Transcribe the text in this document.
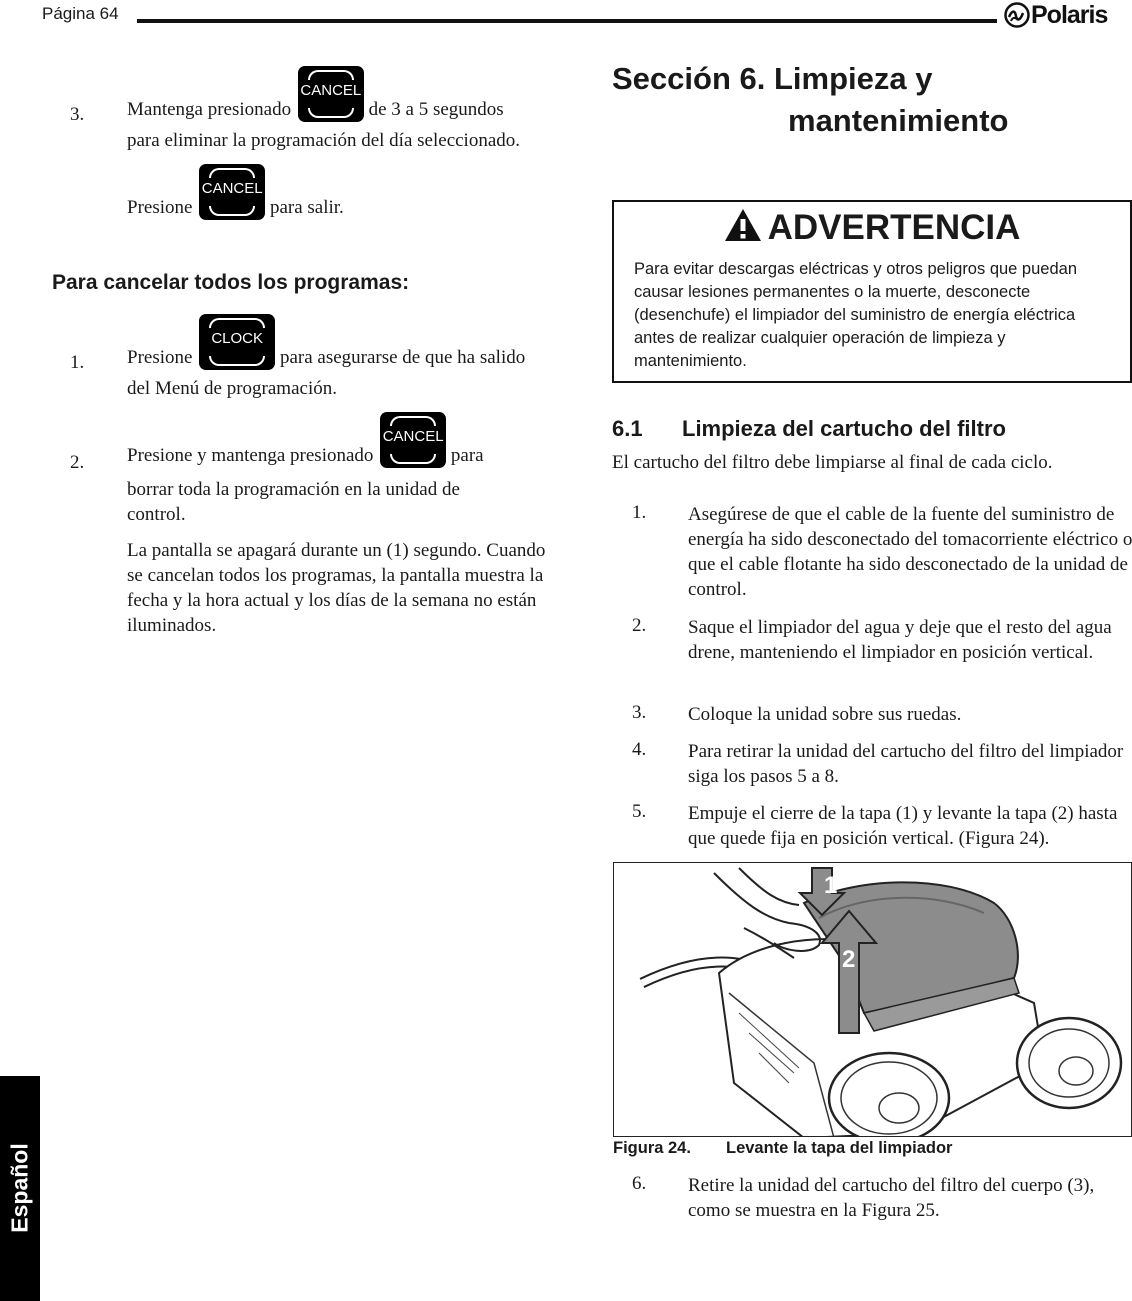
Página 64	Polaris
Español
3. Mantenga presionado
CANCEL
de 3 a 5 segundos
para eliminar la programación del día seleccionado.
Presione
CANCEL
para salir.
Para cancelar todos los programas:
1. Presione
CLOCK
para asegurarse de que ha salido
del Menú de programación.
2. Presione y mantenga presionado
CANCEL
para
borrar toda la programación en la unidad de
control.
La pantalla se apagará durante un (1) segundo. Cuando se cancelan todos los programas, la pantalla muestra la fecha y la hora actual y los días de la semana no están iluminados.
Sección 6. Limpieza y
mantenimiento
ADVERTENCIA
Para evitar descargas eléctricas y otros peligros que puedan causar lesiones permanentes o la muerte, desconecte (desenchufe) el limpiador del suministro de energía eléctrica antes de realizar cualquier operación de limpieza y mantenimiento.
6.1 Limpieza del cartucho del filtro
El cartucho del filtro debe limpiarse al final de cada ciclo.
1. Asegúrese de que el cable de la fuente del suministro de energía ha sido desconectado del tomacorriente eléctrico o que el cable flotante ha sido desconectado de la unidad de control.
2. Saque el limpiador del agua y deje que el resto del agua drene, manteniendo el limpiador en posición vertical.
3. Coloque la unidad sobre sus ruedas.
4. Para retirar la unidad del cartucho del filtro del limpiador siga los pasos 5 a 8.
5. Empuje el cierre de la tapa (1) y levante la tapa (2) hasta que quede fija en posición vertical. (Figura 24).
1
2
Figura 24. Levante la tapa del limpiador
6. Retire la unidad del cartucho del filtro del cuerpo (3), como se muestra en la Figura 25.
